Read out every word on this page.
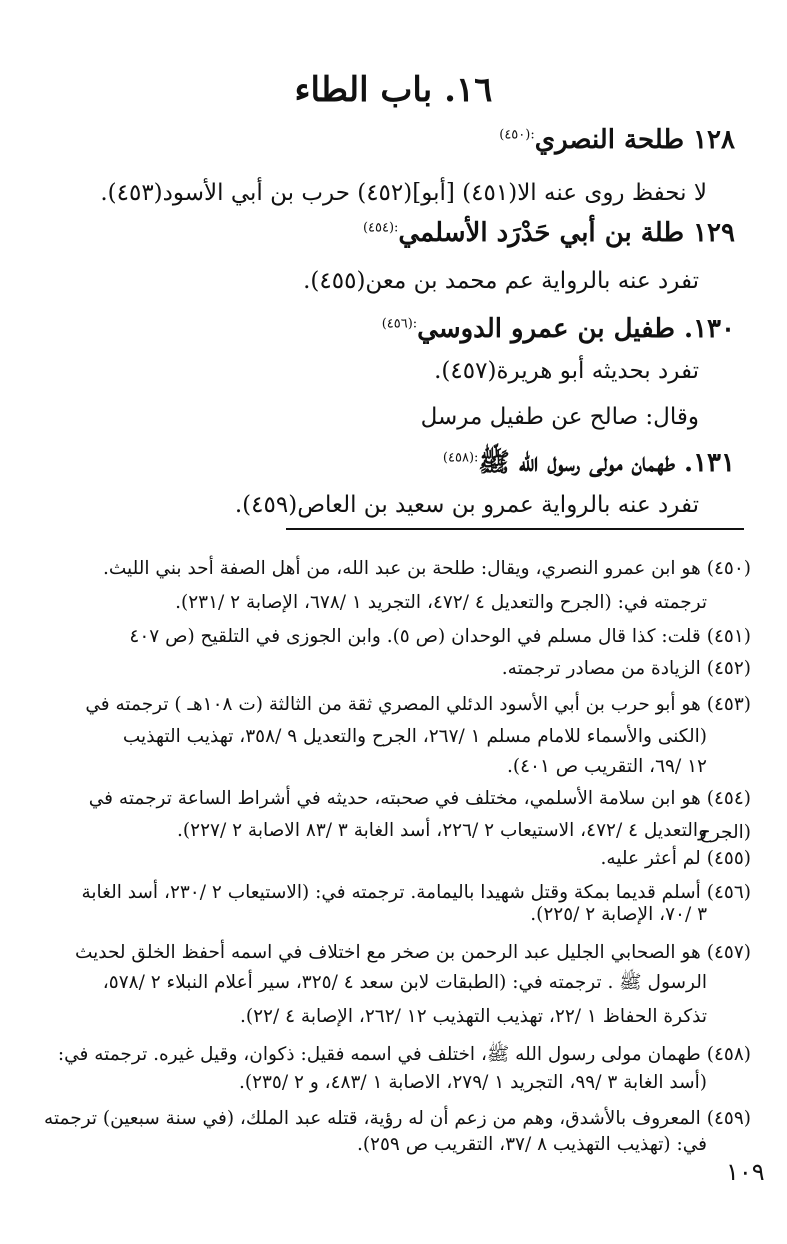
١٦. باب الطاء
١٢٨ طلحة النصري$^{:(٤٥٠)}$
لا نحفظ روى عنه الا(٤٥١) [أبو](٤٥٢) حرب بن أبي الأسود(٤٥٣).
١٢٩ طلة بن أبي حَدْرَد الأسلمي$^{:(٤٥٤)}$
تفرد عنه بالرواية عم محمد بن معن(٤٥٥).
١٣٠. طفيل بن عمرو الدوسي$^{:(٤٥٦)}$
تفرد بحديثه أبو هريرة(٤٥٧).
وقال: صالح عن طفيل مرسل
١٣١. طهمان مولى رسول الله ﷺ$^{:(٤٥٨)}$
تفرد عنه بالرواية عمرو بن سعيد بن العاص(٤٥٩).
(٤٥٠)هو ابن عمرو النصري، ويقال: طلحة بن عبد الله، من أهل الصفة أحد بني الليث.
ترجمته في: (الجرح والتعديل ٤ /٤٧٢، التجريد ١ /٦٧٨، الإصابة ٢ /٢٣١).
(٤٥١)قلت: كذا قال مسلم في الوحدان (ص ٥). وابن الجوزى في التلقيح (ص ٤٠٧
(٤٥٢)الزيادة من مصادر ترجمته.
(٤٥٣)هو أبو حرب بن أبي الأسود الدئلي المصري ثقة من الثالثة (ت ١٠٨هـ ) ترجمته في
(الكنى والأسماء للامام مسلم ١ /٢٦٧، الجرح والتعديل ٩ /٣٥٨، تهذيب التهذيب
١٢ /٦٩، التقريب ص ٤٠١).
(٤٥٤)هو ابن سلامة الأسلمي، مختلف في صحبته، حديثه في أشراط الساعة ترجمته في (الجرح
والتعديل ٤ /٤٧٢، الاستيعاب ٢ /٢٢٦، أسد الغابة ٣ /٨٣ الاصابة ٢ /٢٢٧).
(٤٥٥)لم أعثر عليه.
(٤٥٦)أسلم قديما بمكة وقتل شهيدا باليمامة. ترجمته في: (الاستيعاب ٢ /٢٣٠، أسد الغابة
٣ /٧٠، الإصابة ٢ /٢٢٥).
(٤٥٧)هو الصحابي الجليل عبد الرحمن بن صخر مع اختلاف في اسمه أحفظ الخلق لحديث
الرسول ﷺ . ترجمته في: (الطبقات لابن سعد ٤ /٣٢٥، سير أعلام النبلاء ٢ /٥٧٨،
تذكرة الحفاظ ١ /٢٢، تهذيب التهذيب ١٢ /٢٦٢، الإصابة ٤ /٢٢).
(٤٥٨)طهمان مولى رسول الله ﷺ، اختلف في اسمه فقيل: ذكوان، وقيل غيره. ترجمته في:
(أسد الغابة ٣ /٩٩، التجريد ١ /٢٧٩، الاصابة ١ /٤٨٣، و ٢ /٢٣٥).
(٤٥٩)المعروف بالأشدق، وهم من زعم أن له رؤية، قتله عبد الملك، (في سنة سبعين) ترجمته
في: (تهذيب التهذيب ٨ /٣٧، التقريب ص ٢٥٩).
١٠٩
